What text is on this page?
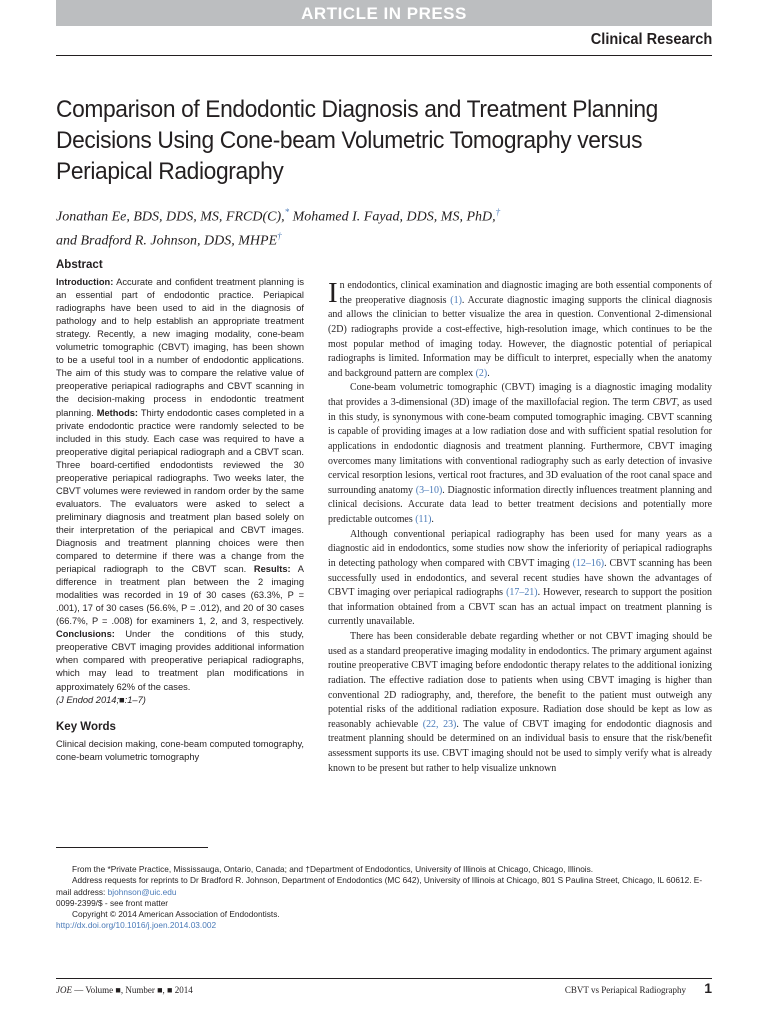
ARTICLE IN PRESS
Clinical Research
Comparison of Endodontic Diagnosis and Treatment Planning Decisions Using Cone-beam Volumetric Tomography versus Periapical Radiography
Jonathan Ee, BDS, DDS, MS, FRCD(C),* Mohamed I. Fayad, DDS, MS, PhD,†
and Bradford R. Johnson, DDS, MHPE†
Abstract

Introduction: Accurate and confident treatment planning is an essential part of endodontic practice. Periapical radiographs have been used to aid in the diagnosis of pathology and to help establish an appropriate treatment strategy. Recently, a new imaging modality, cone-beam volumetric tomographic (CBVT) imaging, has been shown to be a useful tool in a number of endodontic applications. The aim of this study was to compare the relative value of preoperative periapical radiographs and CBVT scanning in the decision-making process in endodontic treatment planning. Methods: Thirty endodontic cases completed in a private endodontic practice were randomly selected to be included in this study. Each case was required to have a preoperative digital periapical radiograph and a CBVT scan. Three board-certified endodontists reviewed the 30 preoperative periapical radiographs. Two weeks later, the CBVT volumes were reviewed in random order by the same evaluators. The evaluators were asked to select a preliminary diagnosis and treatment plan based solely on their interpretation of the periapical and CBVT images. Diagnosis and treatment planning choices were then compared to determine if there was a change from the periapical radiograph to the CBVT scan. Results: A difference in treatment plan between the 2 imaging modalities was recorded in 19 of 30 cases (63.3%, P = .001), 17 of 30 cases (56.6%, P = .012), and 20 of 30 cases (66.7%, P = .008) for examiners 1, 2, and 3, respectively. Conclusions: Under the conditions of this study, preoperative CBVT imaging provides additional information when compared with preoperative periapical radiographs, which may lead to treatment plan modifications in approximately 62% of the cases.
(J Endod 2014;■:1–7)

Key Words

Clinical decision making, cone-beam computed tomography, cone-beam volumetric tomography

In endodontics, clinical examination and diagnostic imaging are both essential components of the preoperative diagnosis (1). Accurate diagnostic imaging supports the clinical diagnosis and allows the clinician to better visualize the area in question. Conventional 2-dimensional (2D) radiographs provide a cost-effective, high-resolution image, which continues to be the most popular method of imaging today. However, the diagnostic potential of periapical radiographs is limited. Information may be difficult to interpret, especially when the anatomy and background pattern are complex (2).

Cone-beam volumetric tomographic (CBVT) imaging is a diagnostic imaging modality that provides a 3-dimensional (3D) image of the maxillofacial region. The term CBVT, as used in this study, is synonymous with cone-beam computed tomographic imaging. CBVT scanning is capable of providing images at a low radiation dose and with sufficient spatial resolution for applications in endodontic diagnosis and treatment planning. Furthermore, CBVT imaging overcomes many limitations with conventional radiography such as early detection of invasive cervical resorption lesions, vertical root fractures, and 3D evaluation of the root canal space and surrounding anatomy (3–10). Diagnostic information directly influences treatment planning and clinical decisions. Accurate data lead to better treatment decisions and potentially more predictable outcomes (11).

Although conventional periapical radiography has been used for many years as a diagnostic aid in endodontics, some studies now show the inferiority of periapical radiographs in detecting pathology when compared with CBVT imaging (12–16). CBVT scanning has been successfully used in endodontics, and several recent studies have shown the advantages of CBVT imaging over periapical radiographs (17–21). However, research to support the position that information obtained from a CBVT scan has an actual impact on treatment planning is currently unavailable.

There has been considerable debate regarding whether or not CBVT imaging should be used as a standard preoperative imaging modality in endodontics. The primary argument against routine preoperative CBVT imaging before endodontic therapy relates to the additional ionizing radiation. The effective radiation dose to patients when using CBVT imaging is higher than conventional 2D radiography, and, therefore, the benefit to the patient must outweigh any potential risks of the additional radiation exposure. Radiation dose should be kept as low as reasonably achievable (22, 23). The value of CBVT imaging for endodontic diagnosis and treatment planning should be determined on an individual basis to ensure that the risk/benefit assessment supports its use. CBVT imaging should not be used to simply verify what is already known to be present but rather to help visualize unknown

From the *Private Practice, Mississauga, Ontario, Canada; and †Department of Endodontics, University of Illinois at Chicago, Chicago, Illinois.

Address requests for reprints to Dr Bradford R. Johnson, Department of Endodontics (MC 642), University of Illinois at Chicago, 801 S Paulina Street, Chicago, IL 60612. E-mail address: bjohnson@uic.edu

0099-2399/$ - see front matter

Copyright © 2014 American Association of Endodontists.

http://dx.doi.org/10.1016/j.joen.2014.03.002

JOE — Volume ■, Number ■, ■ 2014	CBVT vs Periapical Radiography 1
